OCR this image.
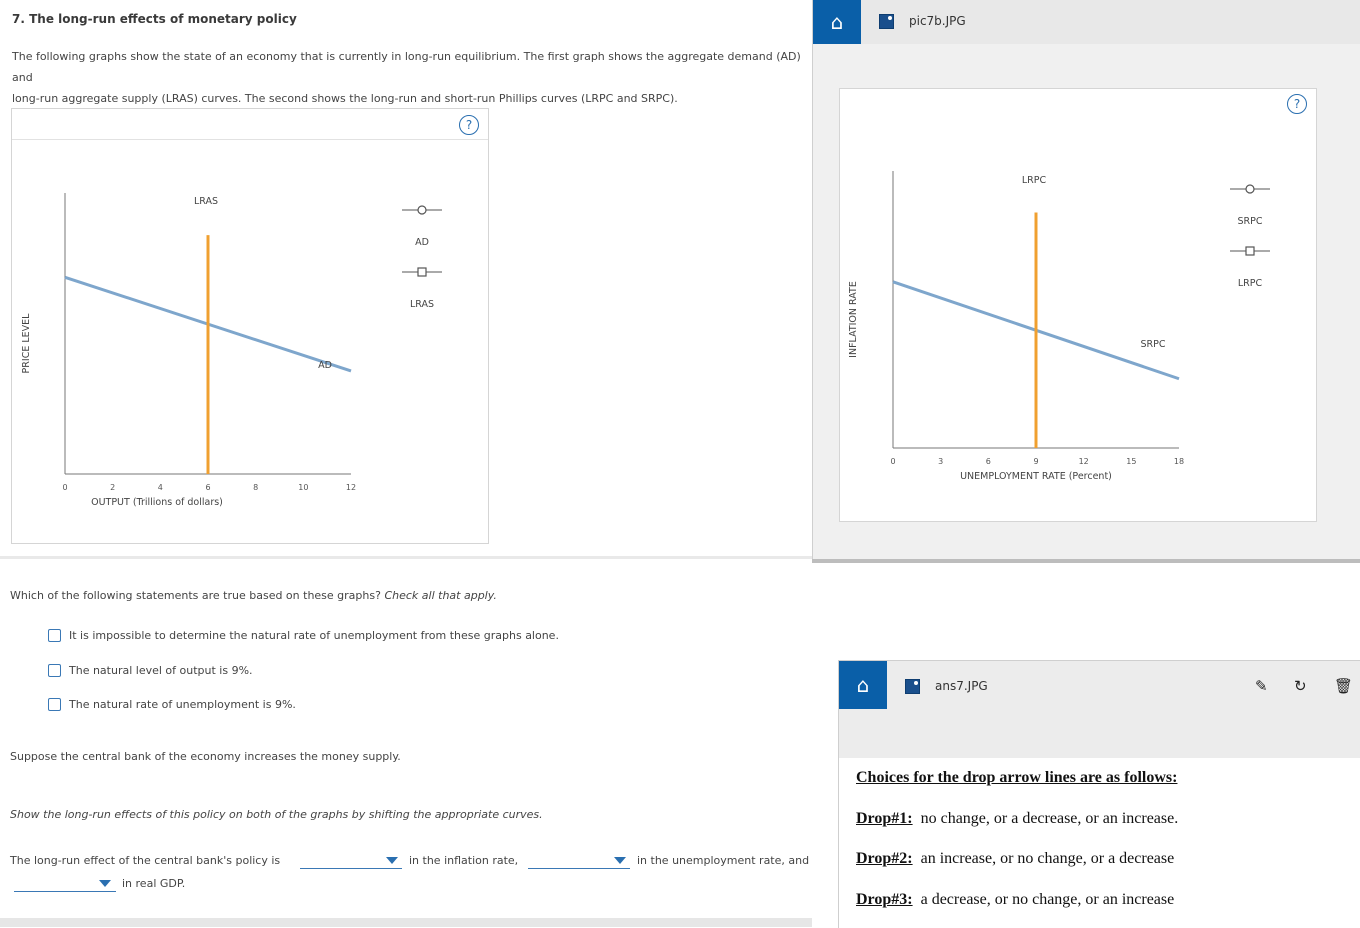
7. The long-run effects of monetary policy
The following graphs show the state of an economy that is currently in long-run equilibrium. The first graph shows the aggregate demand (AD) and
long-run aggregate supply (LRAS) curves. The second shows the long-run and short-run Phillips curves (LRPC and SRPC).
?
0	2	4	6	8	10	12
OUTPUT (Trillions of dollars)
PRICE LEVEL	AD
LRAS
AD
LRAS
Which of the following statements are true based on these graphs? Check all that apply.
It is impossible to determine the natural rate of unemployment from these graphs alone.
The natural level of output is 9%.
The natural rate of unemployment is 9%.
Suppose the central bank of the economy increases the money supply.
Show the long-run effects of this policy on both of the graphs by shifting the appropriate curves.
The long-run effect of the central bank's policy is	in the inflation rate,	in the unemployment rate, and
in real GDP.
⌂	pic7b.JPG
0	3	6	9	12	15	18
UNEMPLOYMENT RATE (Percent)
INFLATION RATE	SRPC
LRPC
SRPC
LRPC
?
⌂	ans7.JPG	✎ ↻ 🗑
Choices for the drop arrow lines are as follows:
Drop#1: no change, or a decrease, or an increase.
Drop#2: an increase, or no change, or a decrease
Drop#3: a decrease, or no change, or an increase
